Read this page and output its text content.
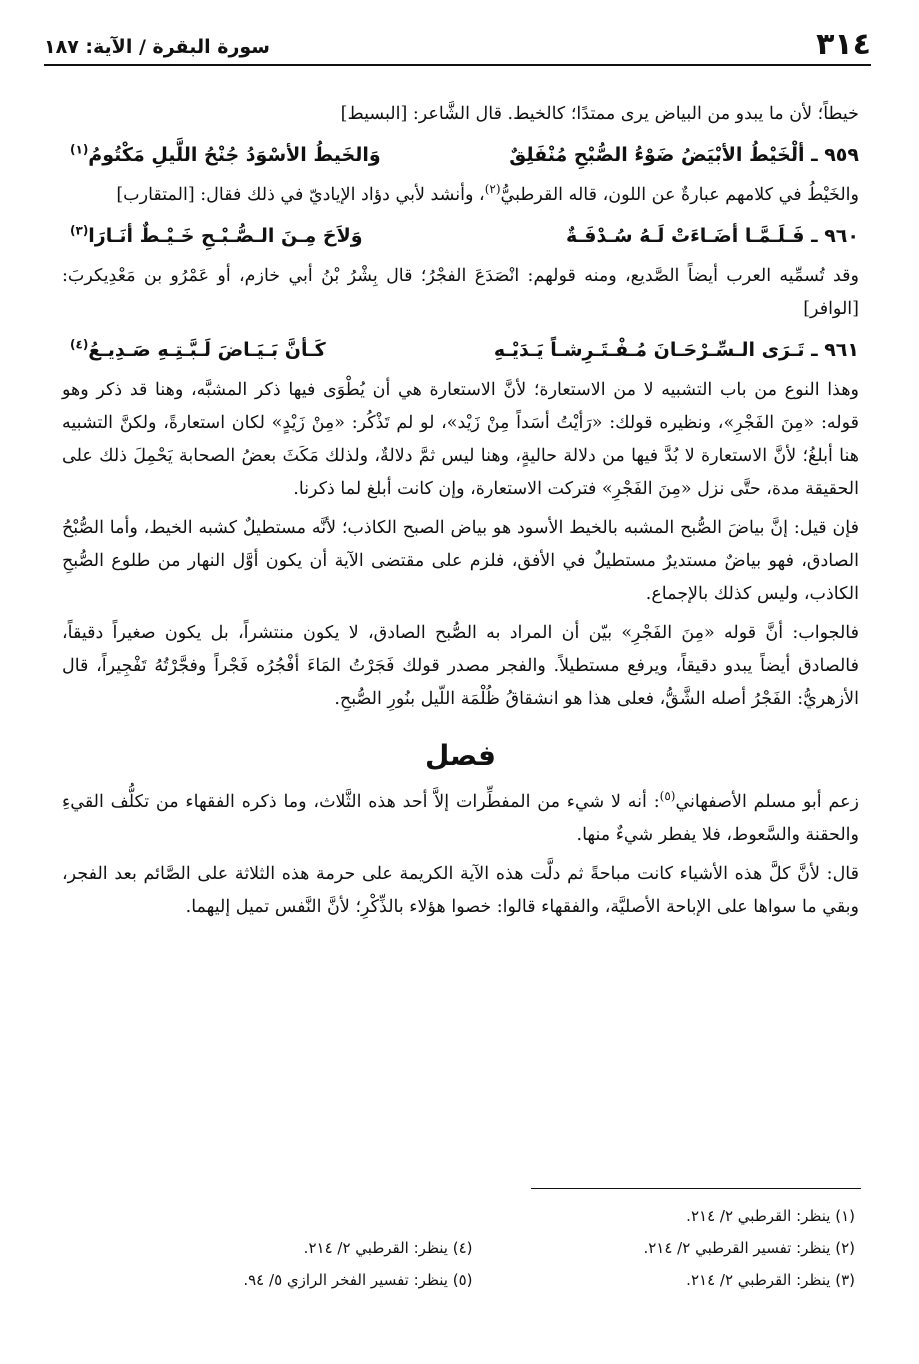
٣١٤
سورة البقرة / الآية: ١٨٧

خيطاً؛ لأن ما يبدو من البياض يرى ممتدًا؛ كالخيط. قال الشَّاعر: [البسيط]

٩٥٩ ـ ألْخَيْطُ الأبْيَضُ ضَوْءُ الصُّبْحِ مُنْفَلِقٌ
وَالخَيطُ الأسْوَدُ جُنْحُ اللَّيلِ مَكْتُومُ$^{(١)}$

والخَيْطُ في كلامهم عبارةٌ عن اللون، قاله القرطبيُّ$^{(٢)}$، وأنشد لأبي دؤاد الإياديّ في ذلك فقال: [المتقارب]

٩٦٠ ـ فَـلَـمَّـا أضَـاءَتْ لَـهُ سُـدْفَـةٌ
وَلاَحَ مِـنَ الـصُّـبْـحِ خَـيْـطٌ أنَـارَا$^{(٣)}$

وقد تُسمِّيه العرب أيضاً الصَّديع، ومنه قولهم: انْصَدَعَ الفجْرُ؛ قال بِشْرُ بْنُ أبي خازم، أو عَمْرُو بن مَعْدِيكربَ: [الوافر]

٩٦١ ـ تَـرَى الـسِّـرْحَـانَ مُـفْـتَـرِشـاً يَـدَيْـهِ
كَـأنَّ بَـيَـاضَ لَـبَّـتِـهِ صَـدِيـعُ$^{(٤)}$

وهذا النوع من باب التشبيه لا من الاستعارة؛ لأنَّ الاستعارة هي أن يُطْوَى فيها ذكر المشبَّه، وهنا قد ذكر وهو قوله: «مِنَ الفَجْرِ»، ونظيره قولك: «رَأيْتُ أسَداً مِنْ زَيْد»، لو لم تَذْكُر: «مِنْ زَيْدٍ» لكان استعارةً، ولكنَّ التشبيه هنا أبلغُ؛ لأنَّ الاستعارة لا بُدَّ فيها من دلالة حاليةٍ، وهنا ليس ثمَّ دلالةٌ، ولذلك مَكَثَ بعضُ الصحابة يَحْمِلَ ذلك على الحقيقة مدة، حتَّى نزل «مِنَ الفَجْرِ» فتركت الاستعارة، وإن كانت أبلغ لما ذكرنا.

فإن قيل: إنَّ بياضَ الصُّبح المشبه بالخيط الأسود هو بياض الصبح الكاذب؛ لأنَّه مستطيلٌ كشبه الخيط، وأما الصُّبْحُ الصادق، فهو بياضٌ مستديرٌ مستطيلٌ في الأفق، فلزم على مقتضى الآية أن يكون أوَّل النهار من طلوع الصُّبحِ الكاذب، وليس كذلك بالإجماع.

فالجواب: أنَّ قوله «مِنَ الفَجْرِ» بيّن أن المراد به الصُّبح الصادق، لا يكون منتشراً، بل يكون صغيراً دقيقاً، فالصادق أيضاً يبدو دقيقاً، ويرفع مستطيلاً. والفجر مصدر قولك فَجَرْتُ المَاءَ أفْجُرُه فَجْراً وفجَّرْتُهُ تَفْجِيراً، قال الأزهريُّ: الفَجْرُ أصله الشَّقُّ، فعلى هذا هو انشقاقُ ظُلْمَة اللّيل بنُورِ الصُّبحِ.

فصل

زعم أبو مسلم الأصفهاني$^{(٥)}$: أنه لا شيء من المفطِّرات إلاَّ أحد هذه الثَّلاث، وما ذكره الفقهاء من تكلُّف القيءِ والحقنة والسَّعوط، فلا يفطر شيءٌ منها.

قال: لأنَّ كلَّ هذه الأشياء كانت مباحةً ثم دلَّت هذه الآية الكريمة على حرمة هذه الثلاثة على الصَّائم بعد الفجر، وبقي ما سواها على الإباحة الأصليَّة، والفقهاء قالوا: خصوا هؤلاء بالذِّكْرِ؛ لأنَّ النَّفس تميل إليهما.

(١) ينظر: القرطبي ٢/ ٢١٤.
(٢) ينظر: تفسير القرطبي ٢/ ٢١٤.
(٣) ينظر: القرطبي ٢/ ٢١٤.
(٤) ينظر: القرطبي ٢/ ٢١٤.
(٥) ينظر: تفسير الفخر الرازي ٥/ ٩٤.
